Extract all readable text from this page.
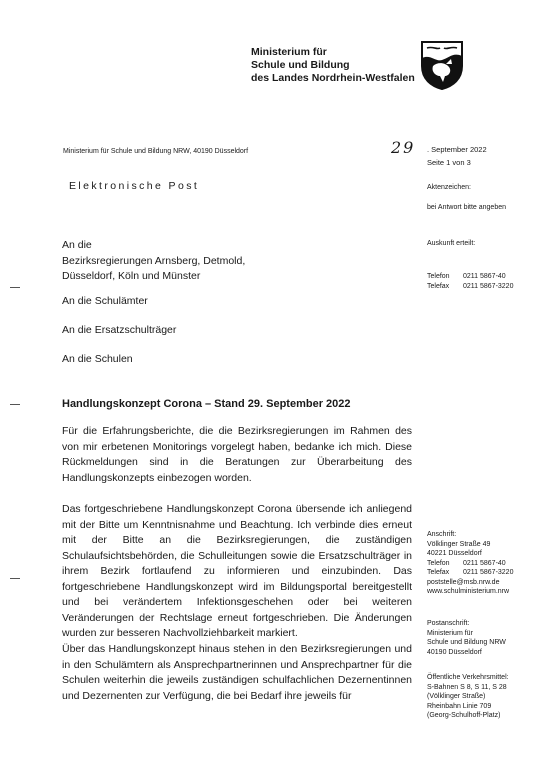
Ministerium für
Schule und Bildung
des Landes Nordrhein-Westfalen
Ministerium für Schule und Bildung NRW, 40190 Düsseldorf	29 . September 2022
Seite 1 von 3
Elektronische Post	Aktenzeichen:
bei Antwort bitte angeben
Auskunft erteilt:
Telefon 0211 5867-40
Telefax 0211 5867-3220
An die
Bezirksregierungen Arnsberg, Detmold,
Düsseldorf, Köln und Münster
An die Schulämter
An die Ersatzschulträger
An die Schulen
Handlungskonzept Corona – Stand 29. September 2022

Für die Erfahrungsberichte, die die Bezirksregierungen im Rahmen des von mir erbetenen Monitorings vorgelegt haben, bedanke ich mich. Diese Rückmeldungen sind in die Beratungen zur Überarbeitung des Handlungskonzepts einbezogen worden.

Das fortgeschriebene Handlungskonzept Corona übersende ich anliegend mit der Bitte um Kenntnisnahme und Beachtung. Ich verbinde dies erneut mit der Bitte an die Bezirksregierungen, die zuständigen Schulaufsichtsbehörden, die Schulleitungen sowie die Ersatzschulträger in ihrem Bezirk fortlaufend zu informieren und einzubinden. Das fortgeschriebene Handlungskonzept wird im Bildungsportal bereitgestellt und bei verändertem Infektionsgeschehen oder bei weiteren Veränderungen der Rechtslage erneut fortgeschrieben. Die Änderungen wurden zur besseren Nachvollziehbarkeit markiert.

Über das Handlungskonzept hinaus stehen in den Bezirksregierungen und in den Schulämtern als Ansprechpartnerinnen und Ansprechpartner für die Schulen weiterhin die jeweils zuständigen schulfachlichen Dezernentinnen und Dezernenten zur Verfügung, die bei Bedarf ihre jeweils für

Anschrift:
Völklinger Straße 49
40221 Düsseldorf
Telefon 0211 5867-40
Telefax 0211 5867-3220
poststelle@msb.nrw.de
www.schulministerium.nrw
Postanschrift:
Ministerium für
Schule und Bildung NRW
40190 Düsseldorf
Öffentliche Verkehrsmittel:
S-Bahnen S 8, S 11, S 28
(Völklinger Straße)
Rheinbahn Linie 709
(Georg-Schulhoff-Platz)
